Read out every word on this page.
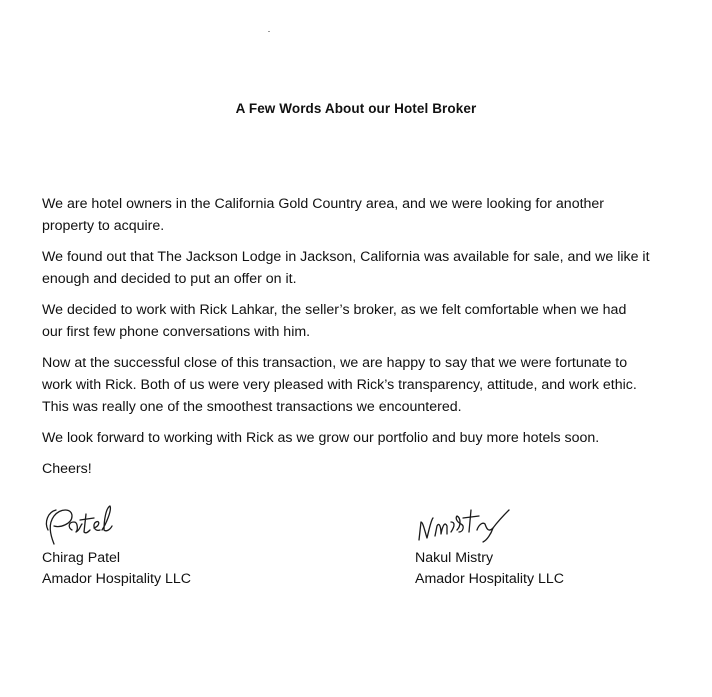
A Few Words About our Hotel Broker

We are hotel owners in the California Gold Country area, and we were looking for another
property to acquire.

We found out that The Jackson Lodge in Jackson, California was available for sale, and we like it
enough and decided to put an offer on it.

We decided to work with Rick Lahkar, the seller’s broker, as we felt comfortable when we had
our first few phone conversations with him.

Now at the successful close of this transaction, we are happy to say that we were fortunate to
work with Rick. Both of us were very pleased with Rick’s transparency, attitude, and work ethic.
This was really one of the smoothest transactions we encountered.

We look forward to working with Rick as we grow our portfolio and buy more hotels soon.

Cheers!

Chirag Patel
Amador Hospitality LLC
Nakul Mistry
Amador Hospitality LLC
